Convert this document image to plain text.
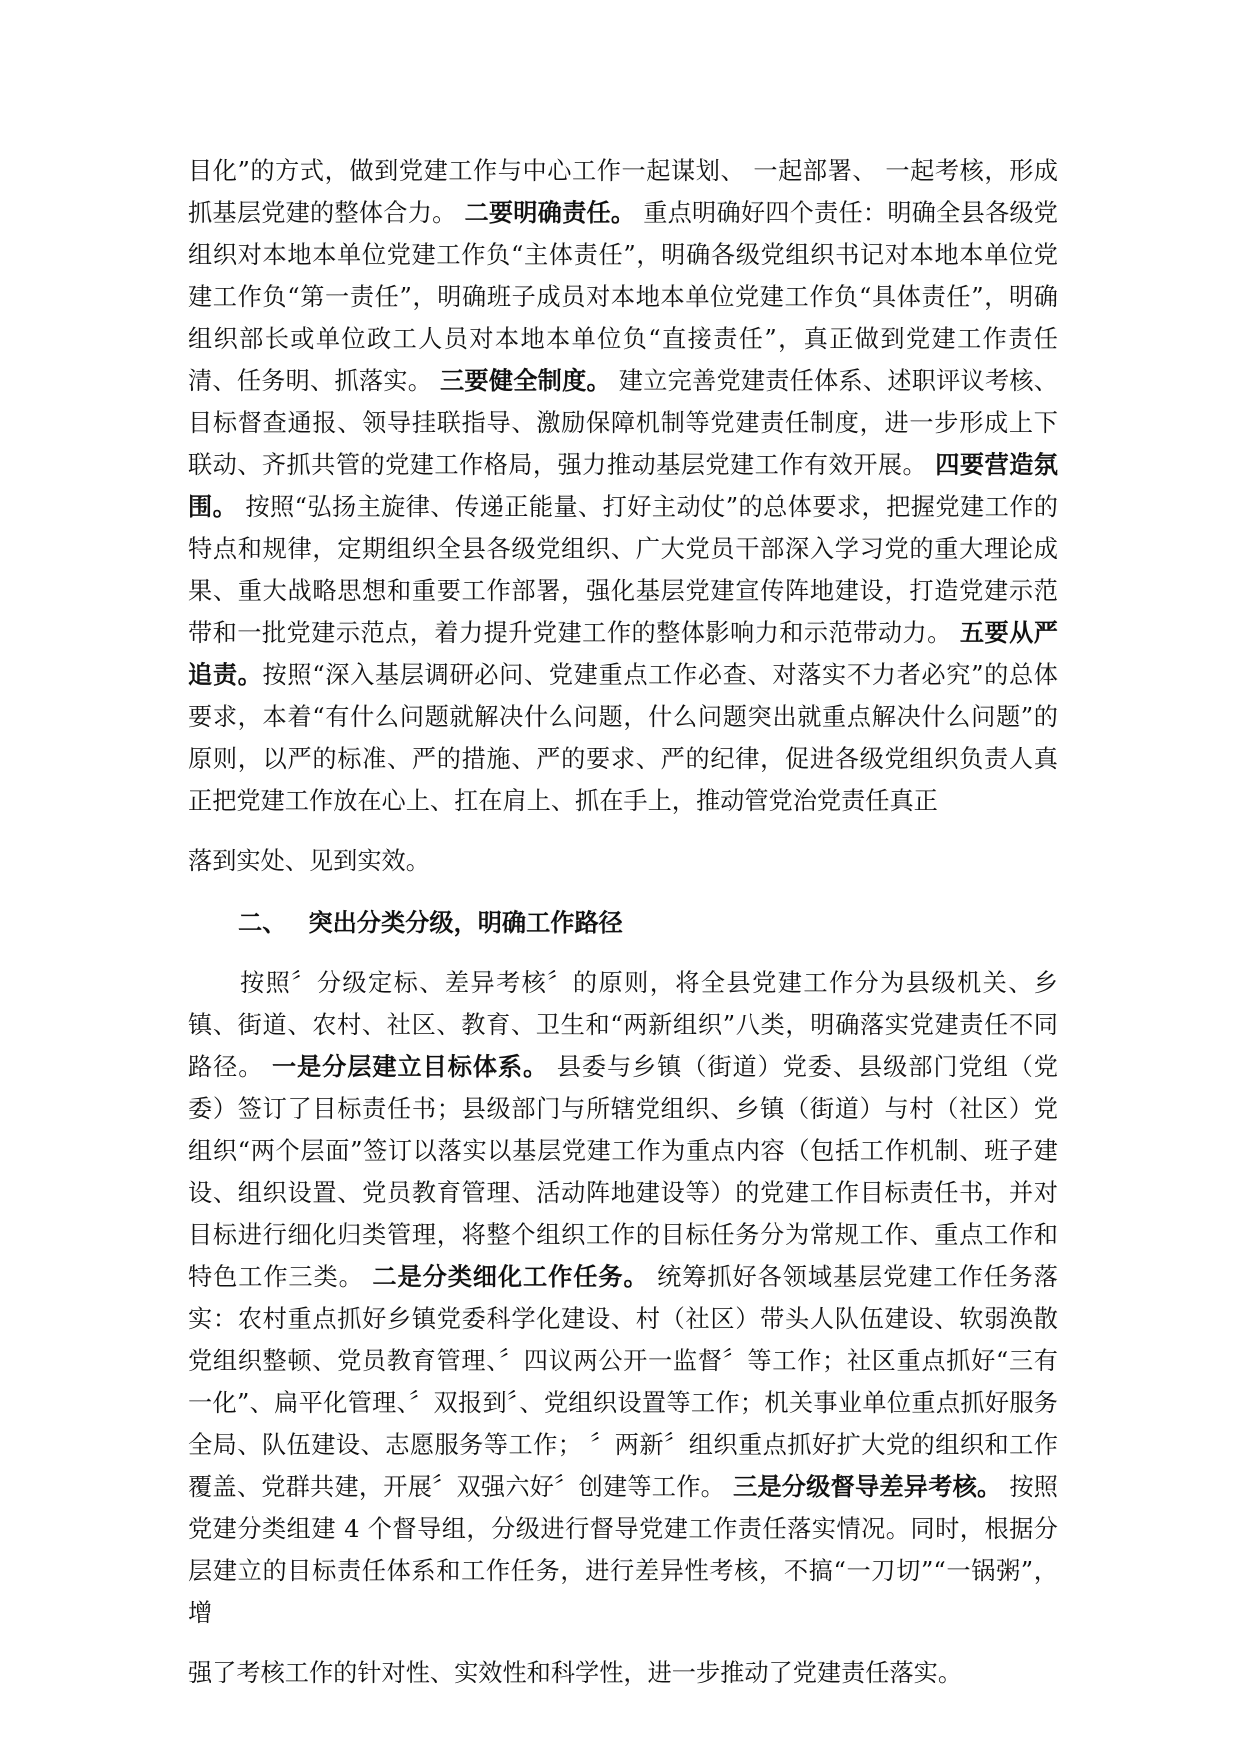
目化”的方式，做到党建工作与中心工作一起谋划、 一起部署、 一起考核，形成抓基层党建的整体合力。 二要明确责任。 重点明确好四个责任：明确全县各级党组织对本地本单位党建工作负“主体责任”，明确各级党组织书记对本地本单位党建工作负“第一责任”，明确班子成员对本地本单位党建工作负“具体责任”，明确组织部长或单位政工人员对本地本单位负“直接责任”，真正做到党建工作责任清、任务明、抓落实。 三要健全制度。 建立完善党建责任体系、述职评议考核、目标督查通报、领导挂联指导、激励保障机制等党建责任制度，进一步形成上下联动、齐抓共管的党建工作格局，强力推动基层党建工作有效开展。 四要营造氛围。 按照“弘扬主旋律、传递正能量、打好主动仗”的总体要求，把握党建工作的特点和规律，定期组织全县各级党组织、广大党员干部深入学习党的重大理论成果、重大战略思想和重要工作部署，强化基层党建宣传阵地建设，打造党建示范带和一批党建示范点，着力提升党建工作的整体影响力和示范带动力。 五要从严追责。按照“深入基层调研必问、党建重点工作必查、对落实不力者必究”的总体要求，本着“有什么问题就解决什么问题，什么问题突出就重点解决什么问题”的原则，以严的标准、严的措施、严的要求、严的纪律，促进各级党组织负责人真正把党建工作放在心上、扛在肩上、抓在手上，推动管党治党责任真正

落到实处、见到实效。

二、 突出分类分级，明确工作路径

按照〞分级定标、差异考核〞的原则，将全县党建工作分为县级机关、乡镇、街道、农村、社区、教育、卫生和“两新组织”八类，明确落实党建责任不同路径。 一是分层建立目标体系。 县委与乡镇（街道）党委、县级部门党组（党委）签订了目标责任书；县级部门与所辖党组织、乡镇（街道）与村（社区）党组织“两个层面”签订以落实以基层党建工作为重点内容（包括工作机制、班子建设、组织设置、党员教育管理、活动阵地建设等）的党建工作目标责任书，并对目标进行细化归类管理，将整个组织工作的目标任务分为常规工作、重点工作和特色工作三类。 二是分类细化工作任务。 统筹抓好各领域基层党建工作任务落实：农村重点抓好乡镇党委科学化建设、村（社区）带头人队伍建设、软弱涣散党组织整顿、党员教育管理、〞四议两公开一监督〞等工作；社区重点抓好“三有一化”、扁平化管理、〞双报到〞、党组织设置等工作；机关事业单位重点抓好服务全局、队伍建设、志愿服务等工作； 〞两新〞组织重点抓好扩大党的组织和工作覆盖、党群共建，开展〞双强六好〞创建等工作。 三是分级督导差异考核。 按照党建分类组建 4 个督导组，分级进行督导党建工作责任落实情况。同时，根据分层建立的目标责任体系和工作任务，进行差异性考核，不搞“一刀切”“一锅粥”，增

强了考核工作的针对性、实效性和科学性，进一步推动了党建责任落实。
